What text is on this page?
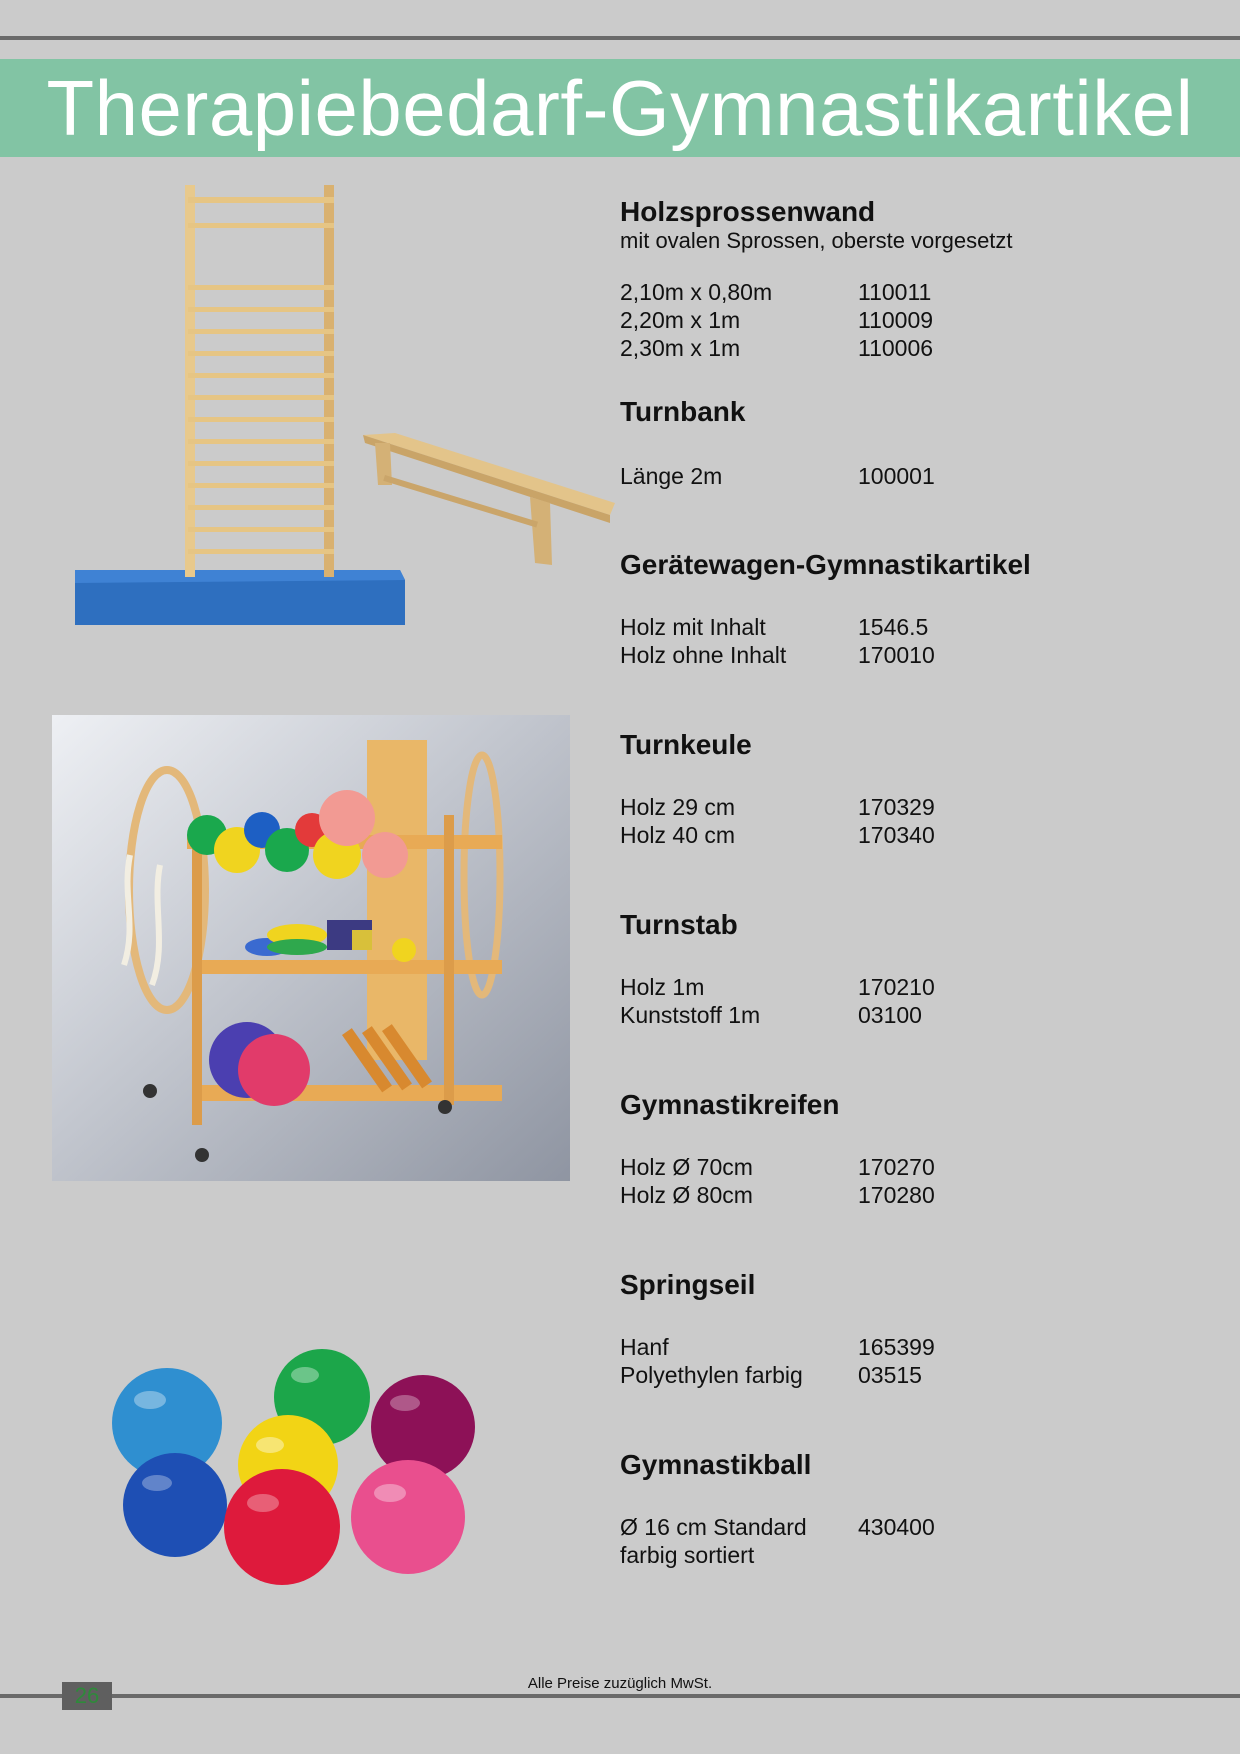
Therapiebedarf-Gymnastikartikel
Holzsprossenwand
mit ovalen Sprossen, oberste vorgesetzt
2,10m x 0,80m	110011
2,20m x 1m	110009
2,30m x 1m	110006
Turnbank
Länge 2m	100001
Gerätewagen-Gymnastikartikel
Holz mit Inhalt	1546.5
Holz ohne Inhalt	170010
Turnkeule
Holz 29 cm	170329
Holz 40 cm	170340
Turnstab
Holz 1m	170210
Kunststoff 1m	03100
Gymnastikreifen
Holz Ø 70cm	170270
Holz Ø 80cm	170280
Springseil
Hanf	165399
Polyethylen farbig	03515
Gymnastikball
Ø 16 cm Standard	430400
farbig sortiert
Alle Preise zuzüglich MwSt.
26
